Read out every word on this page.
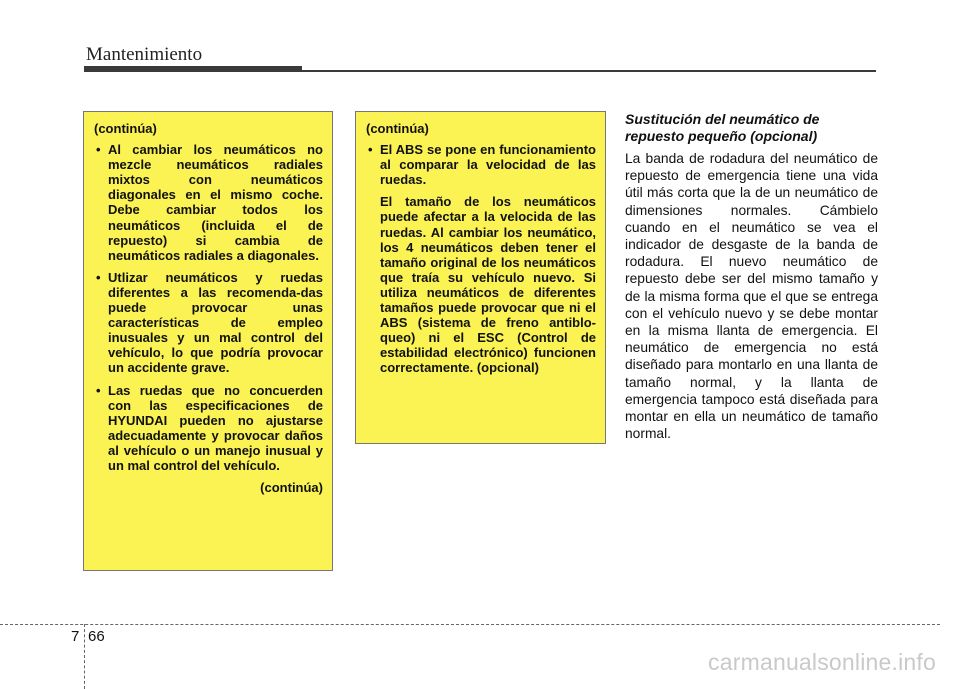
Mantenimiento
(continúa)
• Al cambiar los neumáticos no mezcle neumáticos radiales mixtos con neumáticos diagonales en el mismo coche. Debe cambiar todos los neumáticos (incluida el de repuesto) si cambia de neumáticos radiales a diagonales.
• Utlizar neumáticos y ruedas diferentes a las recomenda-das puede provocar unas características de empleo inusuales y un mal control del vehículo, lo que podría provocar un accidente grave.
• Las ruedas que no concuerden con las especificaciones de HYUNDAI pueden no ajustarse adecuadamente y provocar daños al vehículo o un manejo inusual y un mal control del vehículo.
(continúa)
(continúa)
• El ABS se pone en funcionamiento al comparar la velocidad de las ruedas.
El tamaño de los neumáticos puede afectar a la velocida de las ruedas. Al cambiar los neumático, los 4 neumáticos deben tener el tamaño original de los neumáticos que traía su vehículo nuevo. Si utiliza neumáticos de diferentes tamaños puede provocar que ni el ABS (sistema de freno antiblo-queo) ni el ESC (Control de estabilidad electrónico) funcionen correctamente. (opcional)

Sustitución del neumático de repuesto pequeño (opcional)

La banda de rodadura del neumático de repuesto de emergencia tiene una vida útil más corta que la de un neumático de dimensiones normales. Cámbielo cuando en el neumático se vea el indicador de desgaste de la banda de rodadura. El nuevo neumático de repuesto debe ser del mismo tamaño y de la misma forma que el que se entrega con el vehículo nuevo y se debe montar en la misma llanta de emergencia. El neumático de emergencia no está diseñado para montarlo en una llanta de tamaño normal, y la llanta de emergencia tampoco está diseñada para montar en ella un neumático de tamaño normal.

7 66
carmanualsonline.info
